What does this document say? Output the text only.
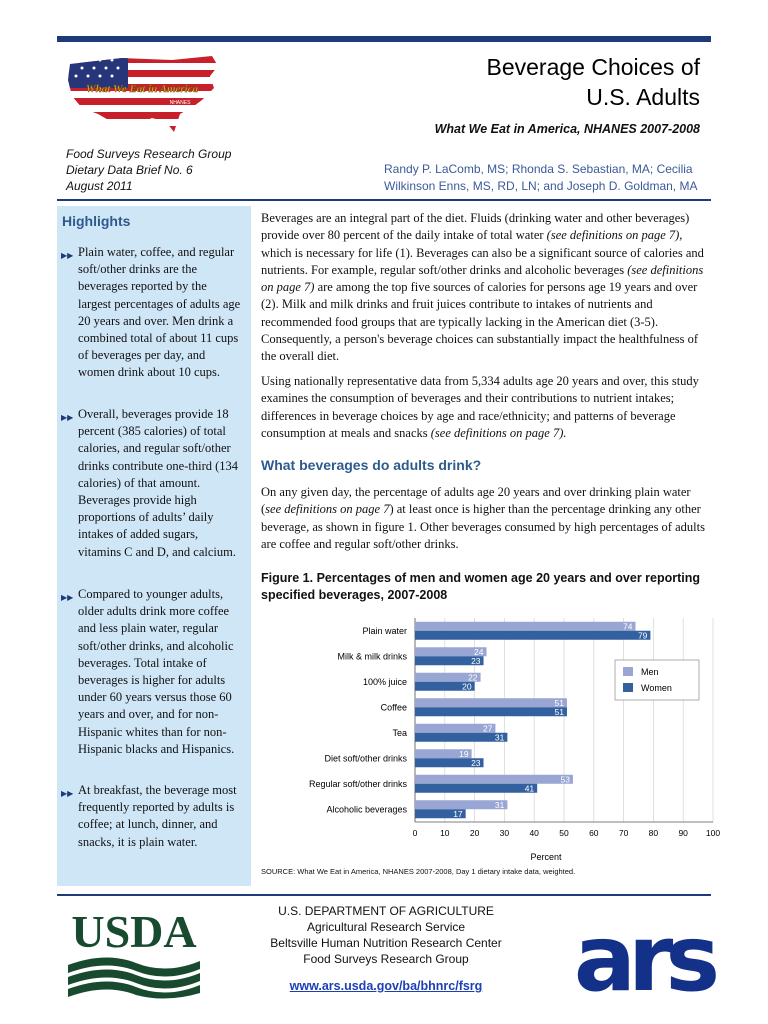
What We Eat in America
NHANES
Beverage Choices of
U.S. Adults
What We Eat in America, NHANES 2007-2008
Food Surveys Research Group
Dietary Data Brief No. 6
August 2011
Randy P. LaComb, MS; Rhonda S. Sebastian, MA; Cecilia
Wilkinson Enns, MS, RD, LN; and Joseph D. Goldman, MA
Highlights
▶▶ Plain water, coffee, and regular soft/other drinks are the beverages reported by the largest percentages of adults age 20 years and over. Men drink a combined total of about 11 cups of beverages per day, and women drink about 10 cups.
▶▶ Overall, beverages provide 18 percent (385 calories) of total calories, and regular soft/other drinks contribute one-third (134 calories) of that amount. Beverages provide high proportions of adults’ daily intakes of added sugars, vitamins C and D, and calcium.
▶▶ Compared to younger adults, older adults drink more coffee and less plain water, regular soft/other drinks, and alcoholic beverages. Total intake of beverages is higher for adults under 60 years versus those 60 years and over, and for non-Hispanic whites than for non-Hispanic blacks and Hispanics.
▶▶ At breakfast, the beverage most frequently reported by adults is coffee; at lunch, dinner, and snacks, it is plain water.
Beverages are an integral part of the diet. Fluids (drinking water and other beverages) provide over 80 percent of the daily intake of total water (see definitions on page 7), which is necessary for life (1). Beverages can also be a significant source of calories and nutrients. For example, regular soft/other drinks and alcoholic beverages (see definitions on page 7) are among the top five sources of calories for persons age 19 years and over (2). Milk and milk drinks and fruit juices contribute to intakes of nutrients and recommended food groups that are typically lacking in the American diet (3-5). Consequently, a person's beverage choices can substantially impact the healthfulness of the overall diet.
Using nationally representative data from 5,334 adults age 20 years and over, this study examines the consumption of beverages and their contributions to nutrient intakes; differences in beverage choices by age and race/ethnicity; and patterns of beverage consumption at meals and snacks (see definitions on page 7).
What beverages do adults drink?
On any given day, the percentage of adults age 20 years and over drinking plain water (see definitions on page 7) at least once is higher than the percentage drinking any other beverage, as shown in figure 1. Other beverages consumed by high percentages of adults are coffee and regular soft/other drinks.
Figure 1. Percentages of men and women age 20 years and over reporting specified beverages, 2007-2008
Plain water	74
79
Milk & milk drinks	24
23
100% juice	22
20
Coffee	51
51
Tea	27
31
Diet soft/other drinks	19
23
Regular soft/other drinks	53
41
Alcoholic beverages	31
17
0	10 20 30 40 50 60 70 80 90 100
Percent
Men
Women
SOURCE: What We Eat in America, NHANES 2007-2008, Day 1 dietary intake data, weighted.
USDA	U.S. DEPARTMENT OF AGRICULTURE
Agricultural Research Service
Beltsville Human Nutrition Research Center
Food Surveys Research Group
www.ars.usda.gov/ba/bhnrc/fsrg ars
